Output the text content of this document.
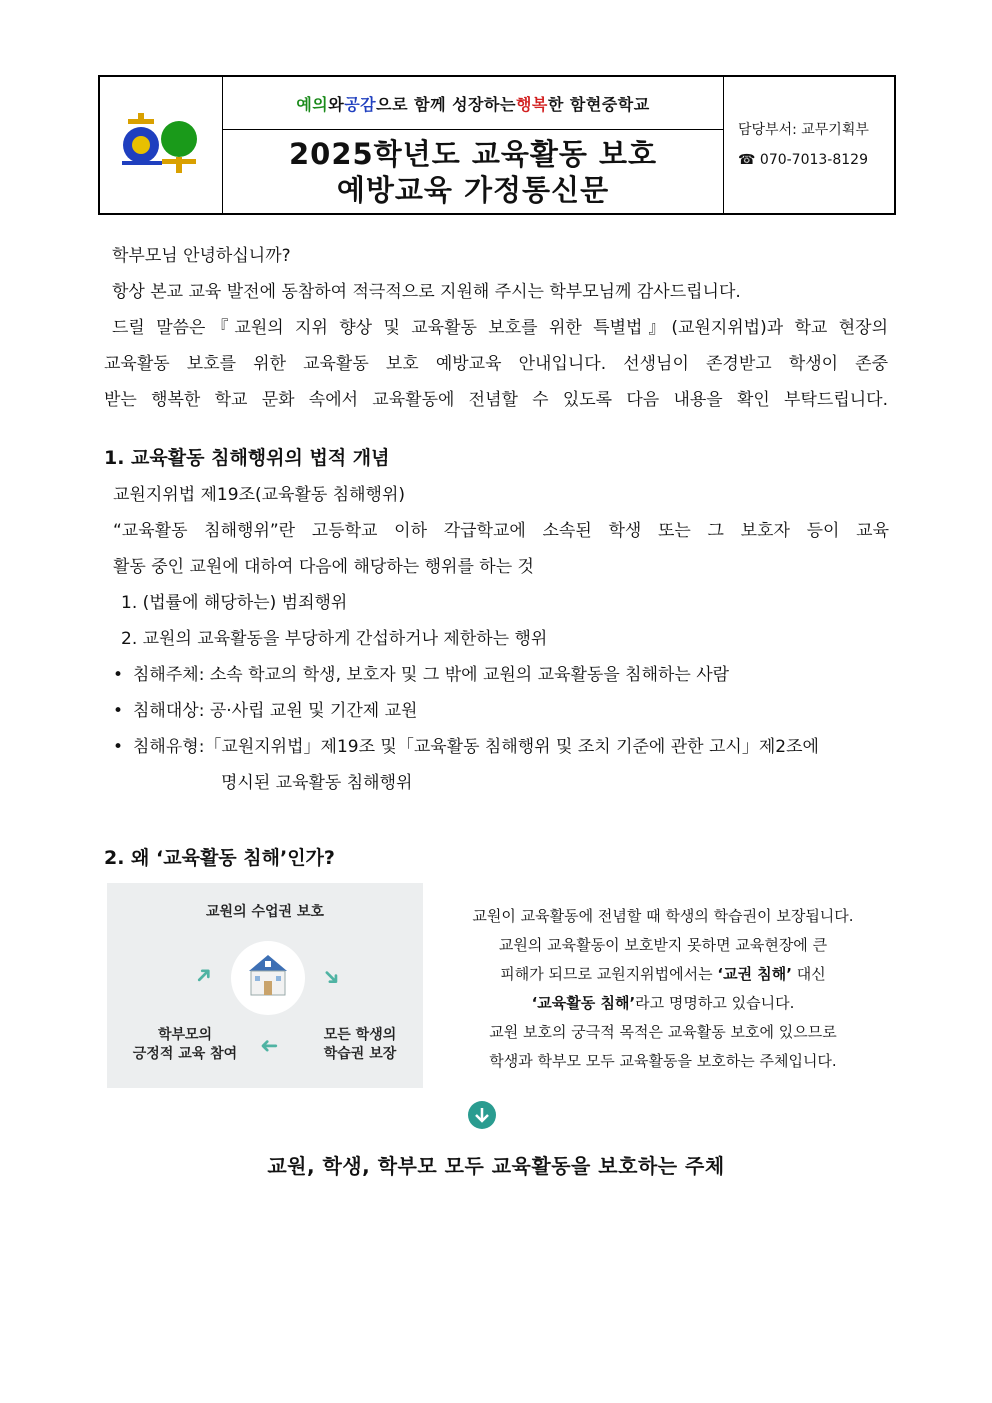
예의 와 공감 으로 함께 성장하는 행복 한 함현중학교
2025학년도 교육활동 보호
예방교육 가정통신문
담당부서: 교무기획부
☎ 070-7013-8129
학부모님 안녕하십니까?
항상 본교 교육 발전에 동참하여 적극적으로 지원해 주시는 학부모님께 감사드립니다.
드릴 말씀은『교원의 지위 향상 및 교육활동 보호를 위한 특별법』(교원지위법)과 학교 현장의
교육활동 보호를 위한 교육활동 보호 예방교육 안내입니다. 선생님이 존경받고 학생이 존중
받는 행복한 학교 문화 속에서 교육활동에 전념할 수 있도록 다음 내용을 확인 부탁드립니다.
1. 교육활동 침해행위의 법적 개념
교원지위법 제19조(교육활동 침해행위)
“교육활동 침해행위”란 고등학교 이하 각급학교에 소속된 학생 또는 그 보호자 등이 교육
활동 중인 교원에 대하여 다음에 해당하는 행위를 하는 것
1. (법률에 해당하는) 범죄행위
2. 교원의 교육활동을 부당하게 간섭하거나 제한하는 행위
• 침해주체: 소속 학교의 학생, 보호자 및 그 밖에 교원의 교육활동을 침해하는 사람
• 침해대상: 공·사립 교원 및 기간제 교원
• 침해유형:「교원지위법」제19조 및「교육활동 침해행위 및 조치 기준에 관한 고시」제2조에
명시된 교육활동 침해행위
2. 왜 ‘교육활동 침해’인가?
교원의 수업권 보호
➜	➜
➜
학부모의
긍정적 교육 참여
모든 학생의
학습권 보장
교원이 교육활동에 전념할 때 학생의 학습권이 보장됩니다.
교원의 교육활동이 보호받지 못하면 교육현장에 큰
피해가 되므로 교원지위법에서는 ‘교권 침해’ 대신
‘교육활동 침해’라고 명명하고 있습니다.
교원 보호의 궁극적 목적은 교육활동 보호에 있으므로
학생과 학부모 모두 교육활동을 보호하는 주체입니다.
교원, 학생, 학부모 모두 교육활동을 보호하는 주체
